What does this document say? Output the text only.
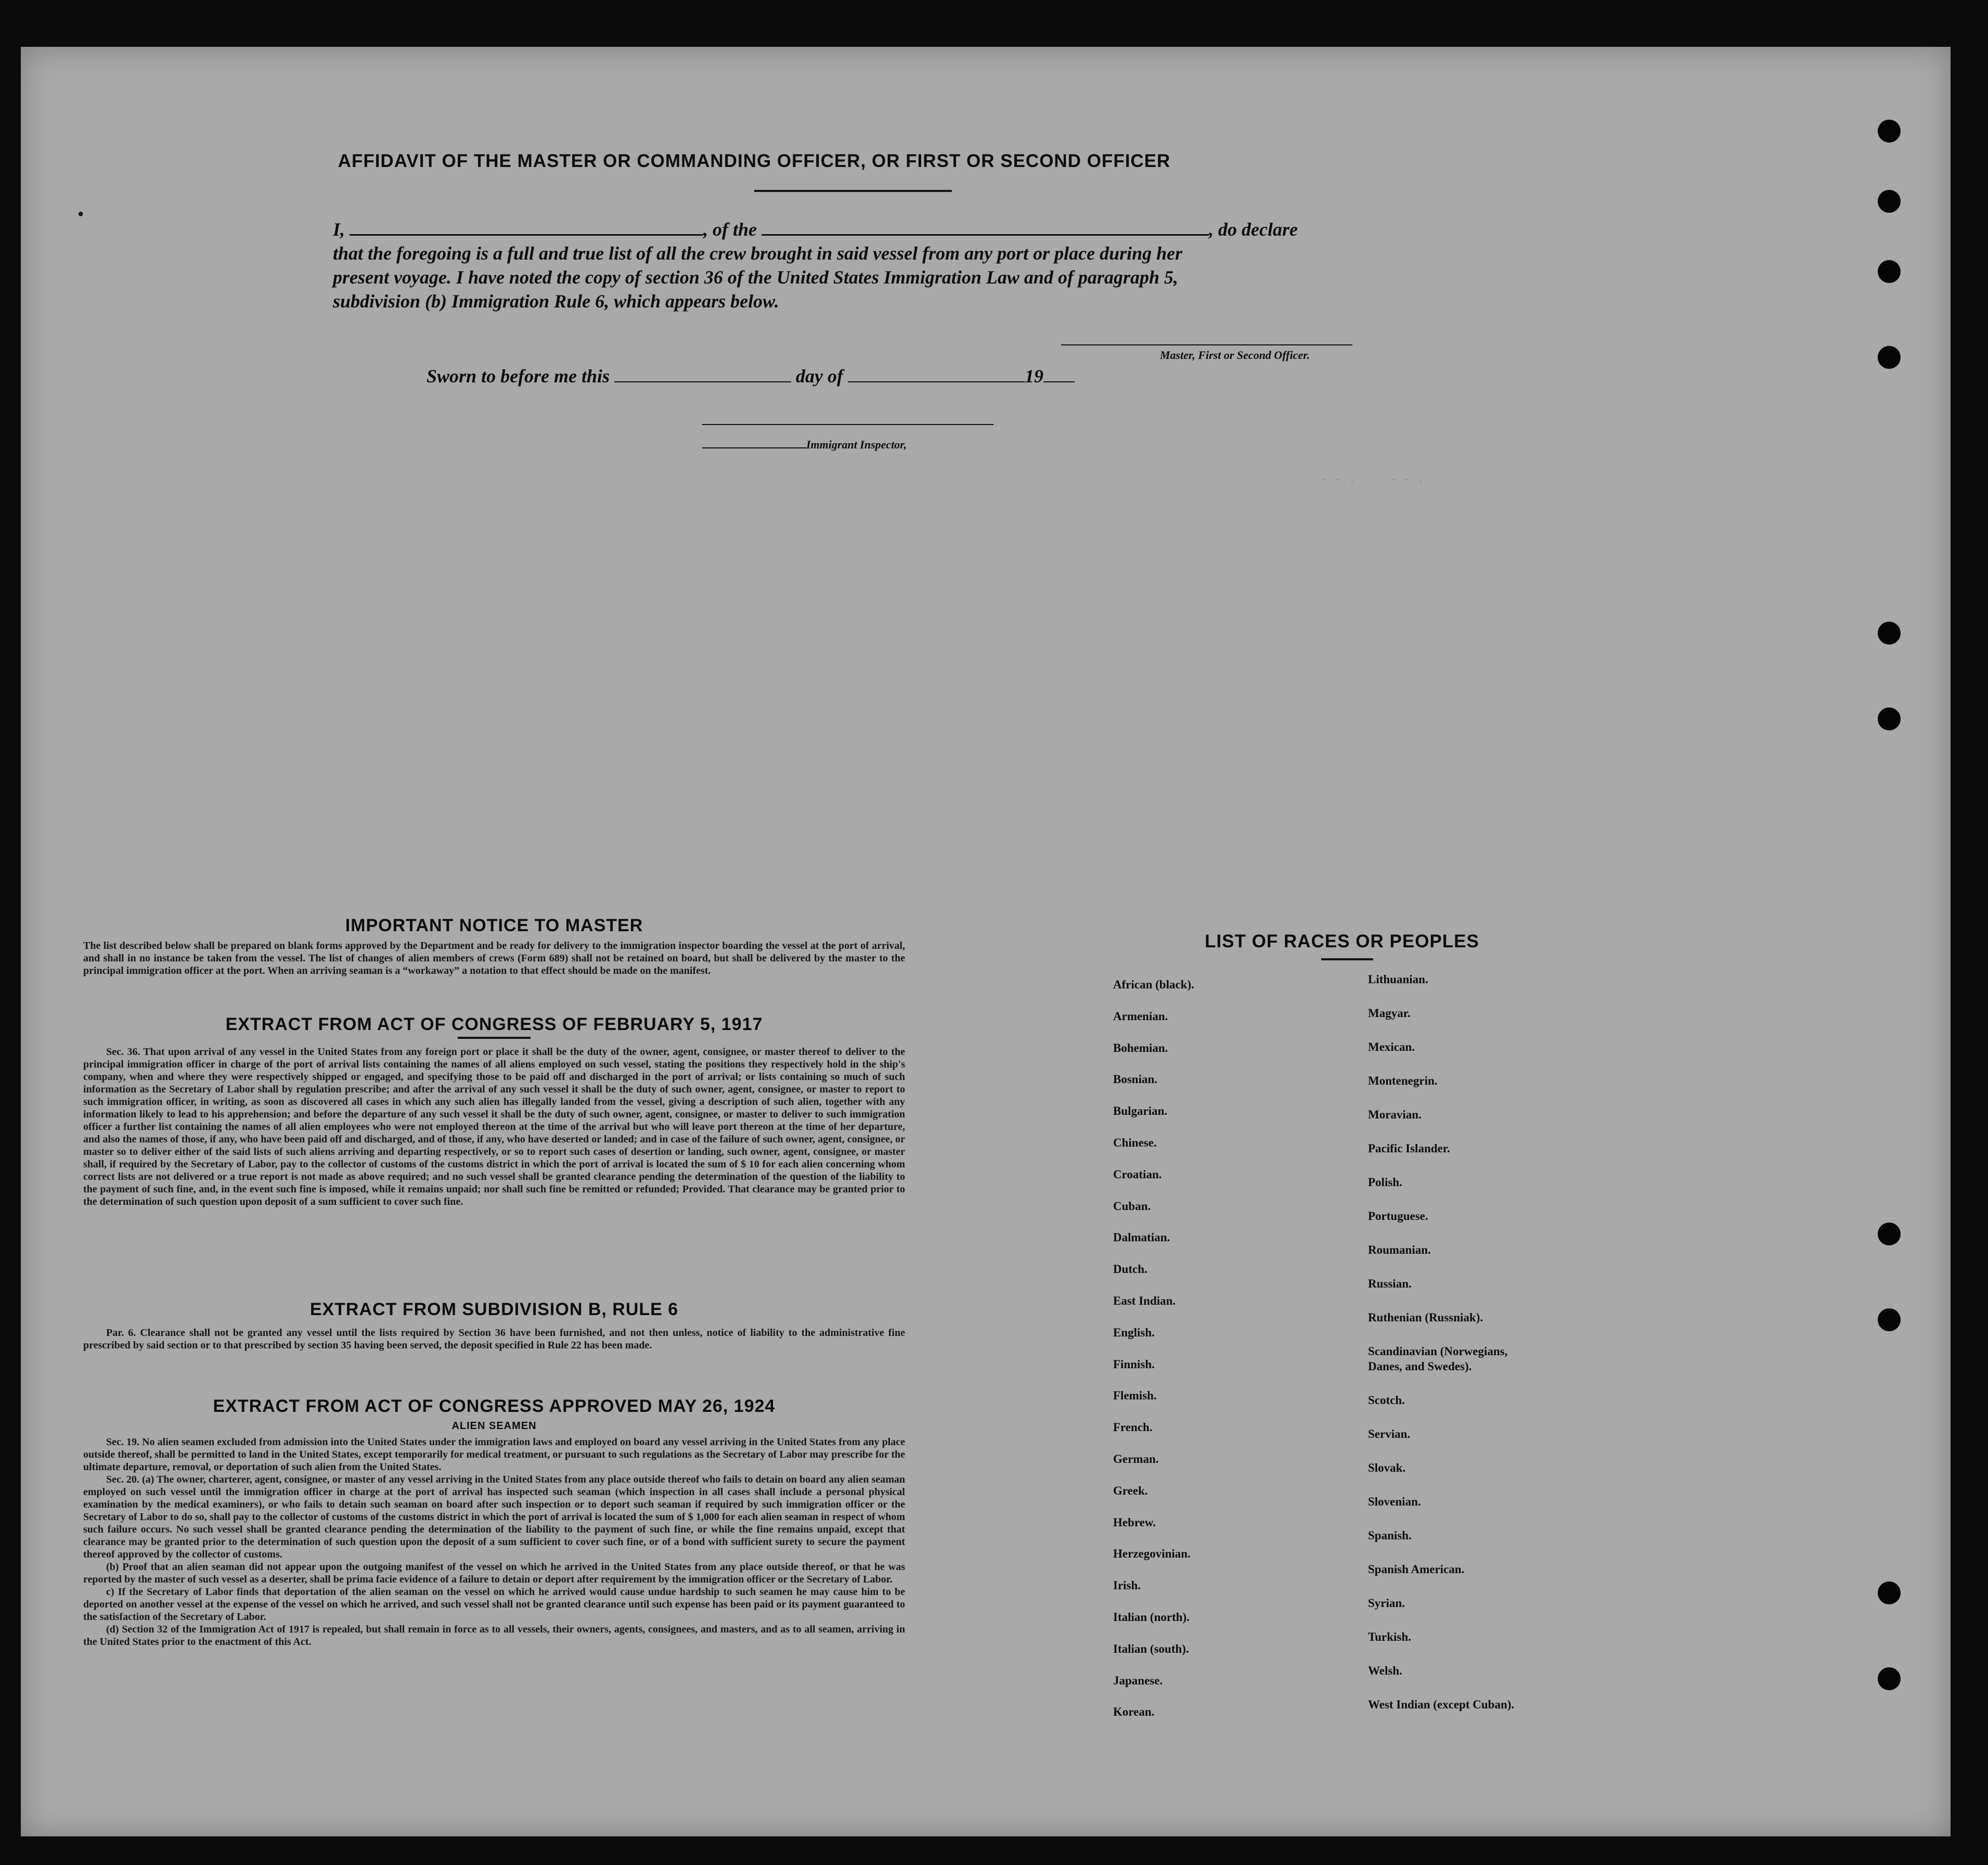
AFFIDAVIT OF THE MASTER OR COMMANDING OFFICER, OR FIRST OR SECOND OFFICER
I,	, of the	, do declare
that the foregoing is a full and true list of all the crew brought in said vessel from any port or place during her
present voyage. I have noted the copy of section 36 of the United States Immigration Law and of paragraph 5,
subdivision (b) Immigration Rule 6, which appears below.
Master, First or Second Officer.
Sworn to before me this	day of	19
Immigrant Inspector,
- - .     - - .
IMPORTANT NOTICE TO MASTER
The list described below shall be prepared on blank forms approved by the Department and be ready for delivery to the immigration inspector boarding the vessel at the port of arrival, and shall in no instance be taken from the vessel. The list of changes of alien members of crews (Form 689) shall not be retained on board, but shall be delivered by the master to the principal immigration officer at the port. When an arriving seaman is a “workaway” a notation to that effect should be made on the manifest.
EXTRACT FROM ACT OF CONGRESS OF FEBRUARY 5, 1917
Sec. 36. That upon arrival of any vessel in the United States from any foreign port or place it shall be the duty of the owner, agent, consignee, or master thereof to deliver to the principal immigration officer in charge of the port of arrival lists containing the names of all aliens employed on such vessel, stating the positions they respectively hold in the ship's company, when and where they were respectively shipped or engaged, and specifying those to be paid off and discharged in the port of arrival; or lists containing so much of such information as the Secretary of Labor shall by regulation prescribe; and after the arrival of any such vessel it shall be the duty of such owner, agent, consignee, or master to report to such immigration officer, in writing, as soon as discovered all cases in which any such alien has illegally landed from the vessel, giving a description of such alien, together with any information likely to lead to his apprehension; and before the departure of any such vessel it shall be the duty of such owner, agent, consignee, or master to deliver to such immigration officer a further list containing the names of all alien employees who were not employed thereon at the time of the arrival but who will leave port thereon at the time of her departure, and also the names of those, if any, who have been paid off and discharged, and of those, if any, who have deserted or landed; and in case of the failure of such owner, agent, consignee, or master so to deliver either of the said lists of such aliens arriving and departing respectively, or so to report such cases of desertion or landing, such owner, agent, consignee, or master shall, if required by the Secretary of Labor, pay to the collector of customs of the customs district in which the port of arrival is located the sum of $ 10 for each alien concerning whom correct lists are not delivered or a true report is not made as above required; and no such vessel shall be granted clearance pending the determination of the question of the liability to the payment of such fine, and, in the event such fine is imposed, while it remains unpaid; nor shall such fine be remitted or refunded; Provided. That clearance may be granted prior to the determination of such question upon deposit of a sum sufficient to cover such fine.
EXTRACT FROM SUBDIVISION B, RULE 6
Par. 6. Clearance shall not be granted any vessel until the lists required by Section 36 have been furnished, and not then unless, notice of liability to the administrative fine prescribed by said section or to that prescribed by section 35 having been served, the deposit specified in Rule 22 has been made.
EXTRACT FROM ACT OF CONGRESS APPROVED MAY 26, 1924
ALIEN SEAMEN
Sec. 19. No alien seamen excluded from admission into the United States under the immigration laws and employed on board any vessel arriving in the United States from any place outside thereof, shall be permitted to land in the United States, except temporarily for medical treatment, or pursuant to such regulations as the Secretary of Labor may prescribe for the ultimate departure, removal, or deportation of such alien from the United States.
Sec. 20. (a) The owner, charterer, agent, consignee, or master of any vessel arriving in the United States from any place outside thereof who fails to detain on board any alien seaman employed on such vessel until the immigration officer in charge at the port of arrival has inspected such seaman (which inspection in all cases shall include a personal physical examination by the medical examiners), or who fails to detain such seaman on board after such inspection or to deport such seaman if required by such immigration officer or the Secretary of Labor to do so, shall pay to the collector of customs of the customs district in which the port of arrival is located the sum of $ 1,000 for each alien seaman in respect of whom such failure occurs. No such vessel shall be granted clearance pending the determination of the liability to the payment of such fine, or while the fine remains unpaid, except that clearance may be granted prior to the determination of such question upon the deposit of a sum sufficient to cover such fine, or of a bond with sufficient surety to secure the payment thereof approved by the collector of customs.
(b) Proof that an alien seaman did not appear upon the outgoing manifest of the vessel on which he arrived in the United States from any place outside thereof, or that he was reported by the master of such vessel as a deserter, shall be prima facie evidence of a failure to detain or deport after requirement by the immigration officer or the Secretary of Labor.
c) If the Secretary of Labor finds that deportation of the alien seaman on the vessel on which he arrived would cause undue hardship to such seamen he may cause him to be deported on another vessel at the expense of the vessel on which he arrived, and such vessel shall not be granted clearance until such expense has been paid or its payment guaranteed to the satisfaction of the Secretary of Labor.
(d) Section 32 of the Immigration Act of 1917 is repealed, but shall remain in force as to all vessels, their owners, agents, consignees, and masters, and as to all seamen, arriving in the United States prior to the enactment of this Act.
LIST OF RACES OR PEOPLES
•
African (black).
Armenian.
Bohemian.
Bosnian.
Bulgarian.
Chinese.
Croatian.
Cuban.
Dalmatian.
Dutch.
East Indian.
English.
Finnish.
Flemish.
French.
German.
Greek.
Hebrew.
Herzegovinian.
Irish.
Italian (north).
Italian (south).
Japanese.
Korean.
Lithuanian.
Magyar.
Mexican.
Montenegrin.
Moravian.
Pacific Islander.
Polish.
Portuguese.
Roumanian.
Russian.
Ruthenian (Russniak).
Scandinavian (Norwegians,
Danes, and Swedes).
Scotch.
Servian.
Slovak.
Slovenian.
Spanish.
Spanish American.
Syrian.
Turkish.
Welsh.
West Indian (except Cuban).
